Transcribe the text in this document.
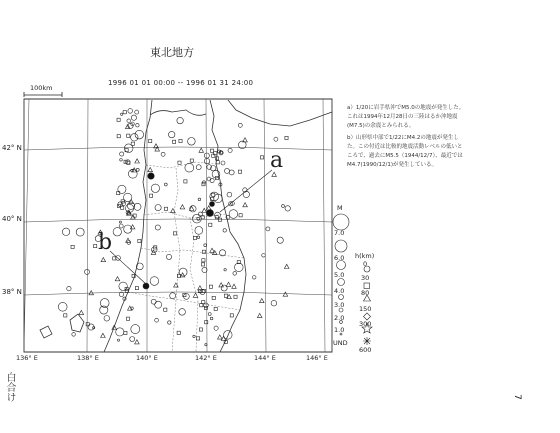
東北地方
1996 01 01 00:00 -- 1996 01 31 24:00
100km
42° N
40° N
38° N
136° E	138° E	140° E	142° E	144° E	146° E
a
b
M
7.0
6.0
5.0
4.0
3.0
2.0
1.0
UND
h(km)
0
30
80
150
300
600

a）1/20に岩手県沖でM5.0の地震が発生した。これは1994年12月28日の三陸はるか沖地震(M7.5)の余震とみられる。

b）山形県中部で1/22にM4.2の地震が発生した。この付近は比較的地震活動レベルの低いところで、過去にM5.5（1944/12/7）、最近ではM4.7(1990/12/1)が発生している。

7
白合け
